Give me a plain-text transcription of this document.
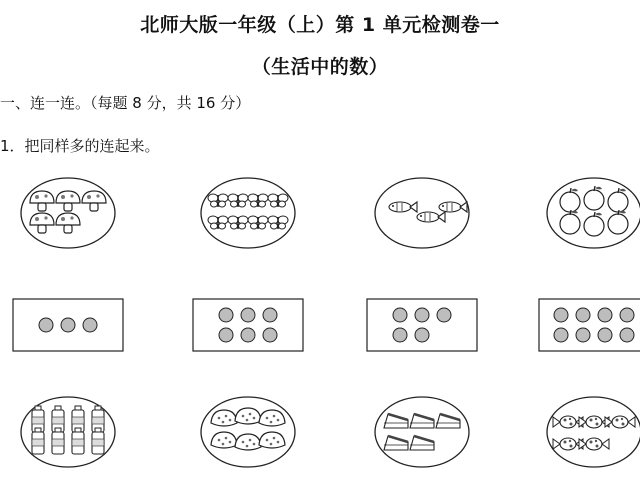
北师大版一年级（上）第 1 单元检测卷一
（生活中的数）
一、连一连。（每题 8 分，共 16 分）
1．把同样多的连起来。
